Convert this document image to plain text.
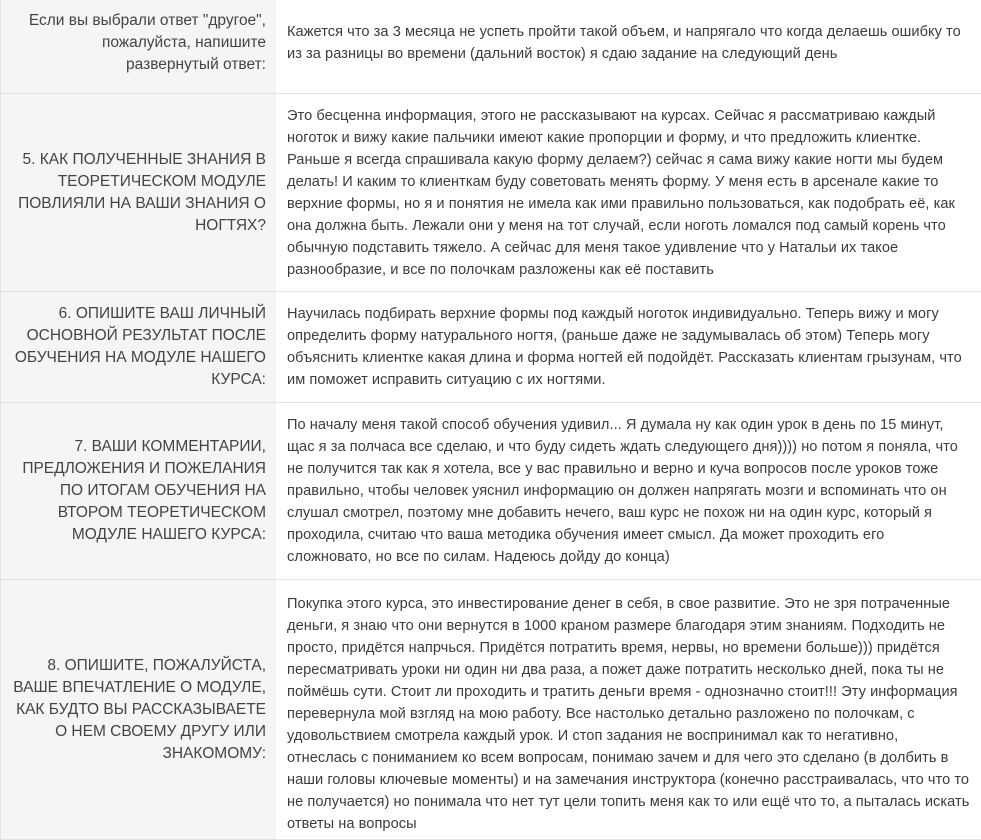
Если вы выбрали ответ "другое", пожалуйста, напишите развернутый ответ:

Кажется что за 3 месяца не успеть пройти такой объем, и напрягало что когда делаешь ошибку то из за разницы во времени (дальний восток) я сдаю задание на следующий день

5. КАК ПОЛУЧЕННЫЕ ЗНАНИЯ В ТЕОРЕТИЧЕСКОМ МОДУЛЕ ПОВЛИЯЛИ НА ВАШИ ЗНАНИЯ О НОГТЯХ?

Это бесценна информация, этого не рассказывают на курсах. Сейчас я рассматриваю каждый ноготок и вижу какие пальчики имеют какие пропорции и форму, и что предложить клиентке. Раньше я всегда спрашивала какую форму делаем?) сейчас я сама вижу какие ногти мы будем делать! И каким то клиенткам буду советовать менять форму. У меня есть в арсенале какие то верхние формы, но я и понятия не имела как ими правильно пользоваться, как подобрать её, как она должна быть. Лежали они у меня на тот случай, если ноготь ломался под самый корень что обычную подставить тяжело. А сейчас для меня такое удивление что у Натальи их такое разнообразие, и все по полочкам разложены как её поставить

6. ОПИШИТЕ ВАШ ЛИЧНЫЙ ОСНОВНОЙ РЕЗУЛЬТАТ ПОСЛЕ ОБУЧЕНИЯ НА МОДУЛЕ НАШЕГО КУРСА:

Научилась подбирать верхние формы под каждый ноготок индивидуально. Теперь вижу и могу определить форму натурального ногтя, (раньше даже не задумывалась об этом) Теперь могу объяснить клиентке какая длина и форма ногтей ей подойдёт. Рассказать клиентам грызунам, что им поможет исправить ситуацию с их ногтями.

7. ВАШИ КОММЕНТАРИИ, ПРЕДЛОЖЕНИЯ И ПОЖЕЛАНИЯ ПО ИТОГАМ ОБУЧЕНИЯ НА ВТОРОМ ТЕОРЕТИЧЕСКОМ МОДУЛЕ НАШЕГО КУРСА:

По началу меня такой способ обучения удивил... Я думала ну как один урок в день по 15 минут, щас я за полчаса все сделаю, и что буду сидеть ждать следующего дня)))) но потом я поняла, что не получится так как я хотела, все у вас правильно и верно и куча вопросов после уроков тоже правильно, чтобы человек уяснил информацию он должен напрягать мозги и вспоминать что он слушал смотрел, поэтому мне добавить нечего, ваш курс не похож ни на один курс, который я проходила, считаю что ваша методика обучения имеет смысл. Да может проходить его сложновато, но все по силам. Надеюсь дойду до конца)

8. ОПИШИТЕ, ПОЖАЛУЙСТА, ВАШЕ ВПЕЧАТЛЕНИЕ О МОДУЛЕ, КАК БУДТО ВЫ РАССКАЗЫВАЕТЕ О НЕМ СВОЕМУ ДРУГУ ИЛИ ЗНАКОМОМУ:

Покупка этого курса, это инвестирование денег в себя, в свое развитие. Это не зря потраченные деньги, я знаю что они вернутся в 1000 краном размере благодаря этим знаниям. Подходить не просто, придётся напрчься. Придётся потратить время, нервы, но времени больше))) придётся пересматривать уроки ни один ни два раза, а пожет даже потратить несколько дней, пока ты не поймёшь сути. Стоит ли проходить и тратить деньги время - однозначно стоит!!! Эту информация перевернула мой взгляд на мою работу. Все настолько детально разложено по полочкам, с удовольствием смотрела каждый урок. И стоп задания не воспринимал как то негативно, отнеслась с пониманием ко всем вопросам, понимаю зачем и для чего это сделано (в долбить в наши головы ключевые моменты) и на замечания инструктора (конечно расстраивалась, что что то не получается) но понимала что нет тут цели топить меня как то или ещё что то, а пыталась искать ответы на вопросы
